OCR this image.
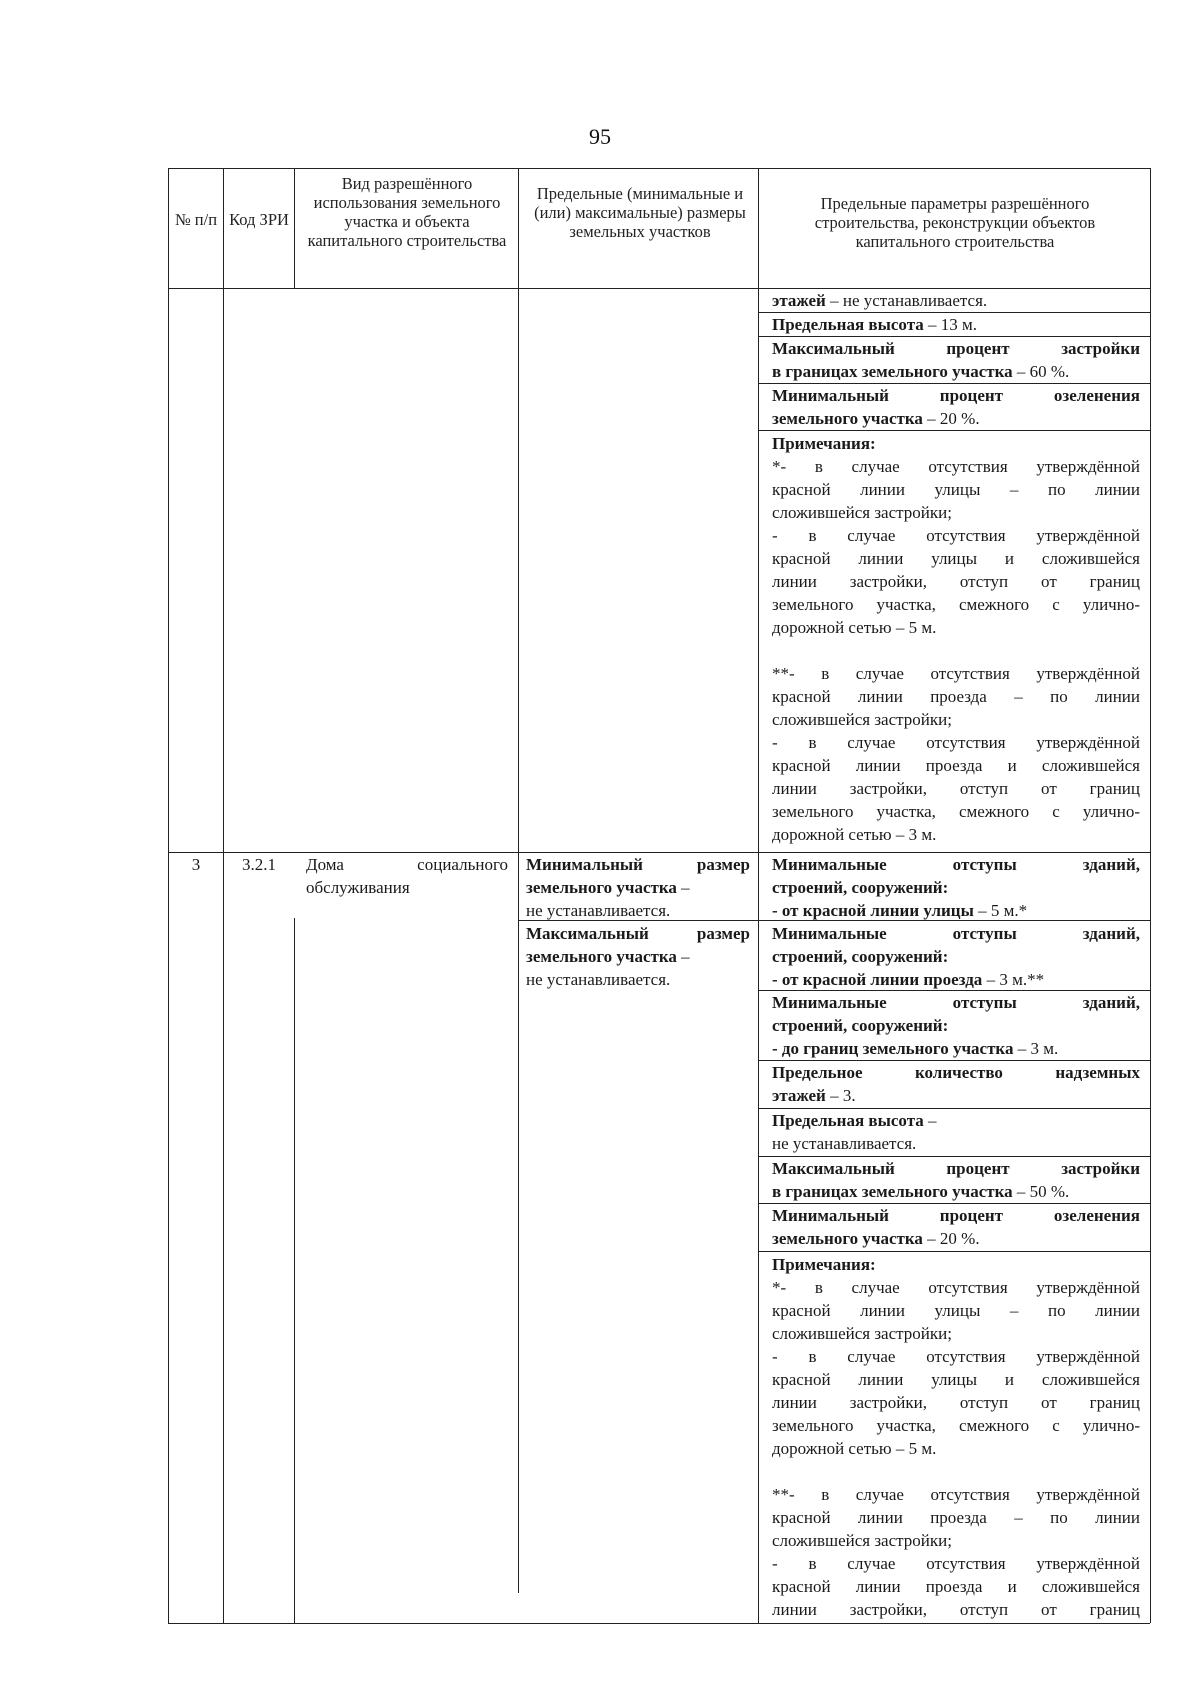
95
№ п/п Код ЗРИ
Вид разрешённого использования земельного участка и объекта капитального строительства
Предельные (минимальные и (или) максимальные) размеры земельных участков
Предельные параметры разрешённого строительства, реконструкции объектов капитального строительства
этажей – не устанавливается.
Предельная высота – 13 м.
Максимальный процент застройки
в границах земельного участка – 60 %.
Минимальный процент озеленения
земельного участка – 20 %.
Примечания:
*- в случае отсутствия утверждённой
красной линии улицы – по линии
сложившейся застройки;
- в случае отсутствия утверждённой
красной линии улицы и сложившейся
линии застройки, отступ от границ
земельного участка, смежного с улично-
дорожной сетью – 5 м.
**- в случае отсутствия утверждённой
красной линии проезда – по линии
сложившейся застройки;
- в случае отсутствия утверждённой
красной линии проезда и сложившейся
линии застройки, отступ от границ
земельного участка, смежного с улично-
дорожной сетью – 3 м.
3	3.2.1	Дома социального
обслуживания
Минимальный размер
земельного участка –
не устанавливается.
Максимальный размер
земельного участка –
не устанавливается.
Минимальные отступы зданий,
строений, сооружений:
- от красной линии улицы – 5 м.*
Минимальные отступы зданий,
строений, сооружений:
- от красной линии проезда – 3 м.**
Минимальные отступы зданий,
строений, сооружений:
- до границ земельного участка – 3 м.
Предельное количество надземных
этажей – 3.
Предельная высота –
не устанавливается.
Максимальный процент застройки
в границах земельного участка – 50 %.
Минимальный процент озеленения
земельного участка – 20 %.
Примечания:
*- в случае отсутствия утверждённой
красной линии улицы – по линии
сложившейся застройки;
- в случае отсутствия утверждённой
красной линии улицы и сложившейся
линии застройки, отступ от границ
земельного участка, смежного с улично-
дорожной сетью – 5 м.
**- в случае отсутствия утверждённой
красной линии проезда – по линии
сложившейся застройки;
- в случае отсутствия утверждённой
красной линии проезда и сложившейся
линии застройки, отступ от границ
